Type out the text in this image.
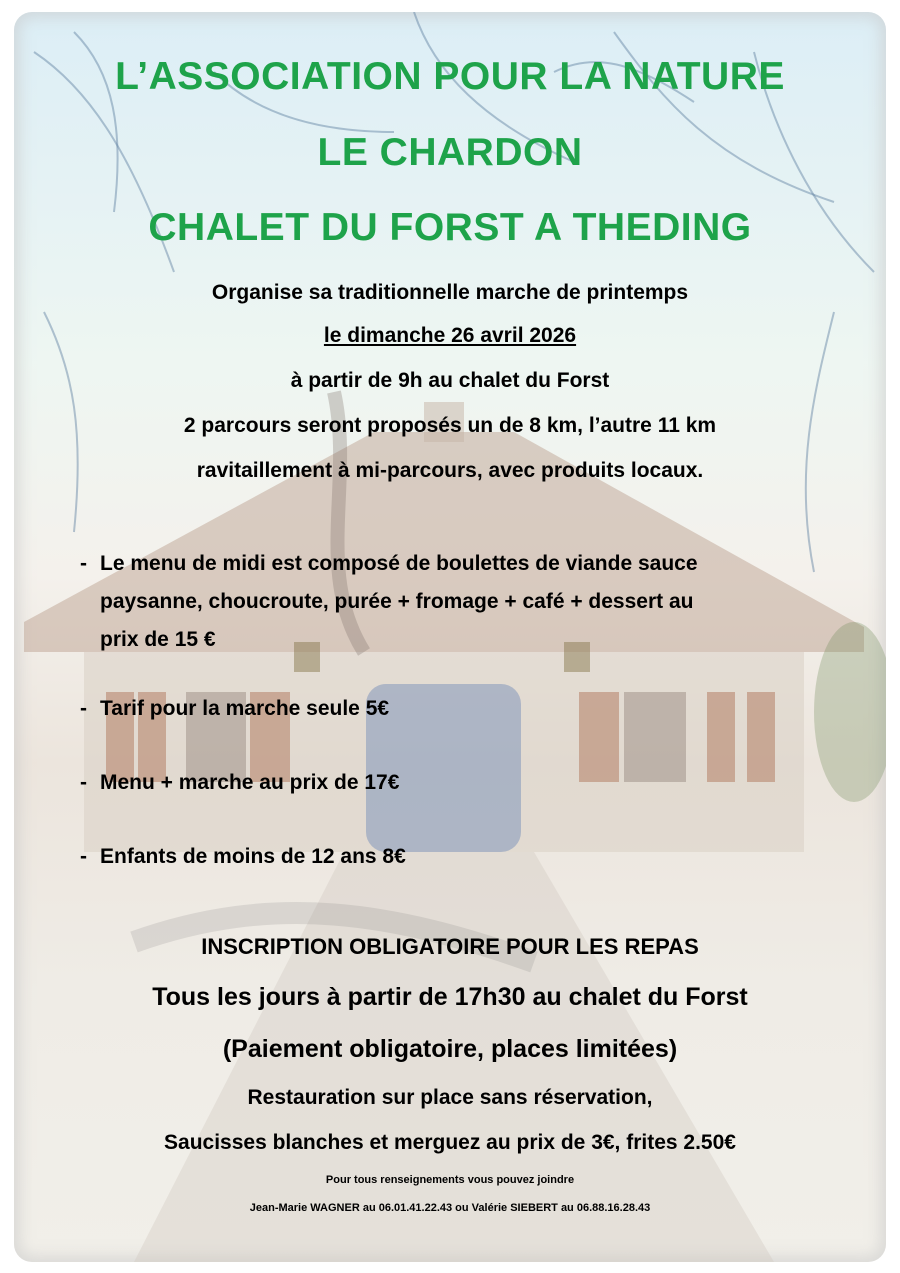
L’ASSOCIATION POUR LA NATURE
LE CHARDON
CHALET DU FORST A THEDING
Organise sa traditionnelle marche de printemps
le dimanche 26 avril 2026
à partir de 9h au chalet du Forst
2 parcours seront proposés un de 8 km, l’autre 11 km
ravitaillement à mi-parcours, avec produits locaux.
- Le menu de midi est composé de boulettes de viande sauce
paysanne, choucroute, purée + fromage + café + dessert au
prix de 15 €
- Tarif pour la marche seule 5€
- Menu + marche au prix de 17€
- Enfants de moins de 12 ans 8€
INSCRIPTION OBLIGATOIRE POUR LES REPAS
Tous les jours à partir de 17h30 au chalet du Forst
(Paiement obligatoire, places limitées)
Restauration sur place sans réservation,
Saucisses blanches et merguez au prix de 3€, frites 2.50€
Pour tous renseignements vous pouvez joindre
Jean-Marie WAGNER au 06.01.41.22.43 ou Valérie SIEBERT au 06.88.16.28.43
